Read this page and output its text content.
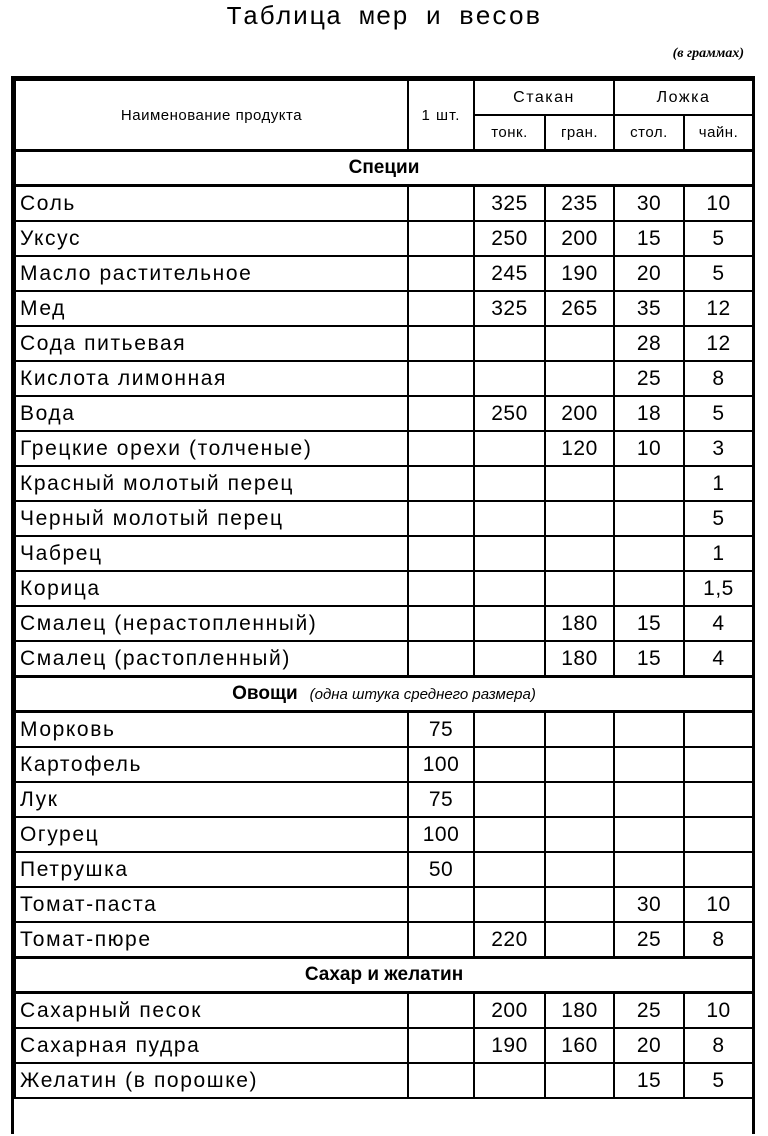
Таблица мер и весов
(в граммах)
Наименование продукта	1 шт.	Стакан		Ложка	
		тонк.	гран.	стол.	чайн.
Специи					
Соль		325	235	30	10
Уксус		250	200	15	5
Масло растительное		245	190	20	5
Мед		325	265	35	12
Сода питьевая				28	12
Кислота лимонная				25	8
Вода		250	200	18	5
Грецкие орехи (толченые)			120	10	3
Красный молотый перец					1
Черный молотый перец					5
Чабрец					1
Корица					1,5
Смалец (нерастопленный)			180	15	4
Смалец (растопленный)			180	15	4
Овощи (одна штука среднего размера)					
Морковь	75				
Картофель	100				
Лук	75				
Огурец	100				
Петрушка	50				
Томат-паста				30	10
Томат-пюре		220		25	8
Сахар и желатин					
Сахарный песок		200	180	25	10
Сахарная пудра		190	160	20	8
Желатин (в порошке)				15	5
